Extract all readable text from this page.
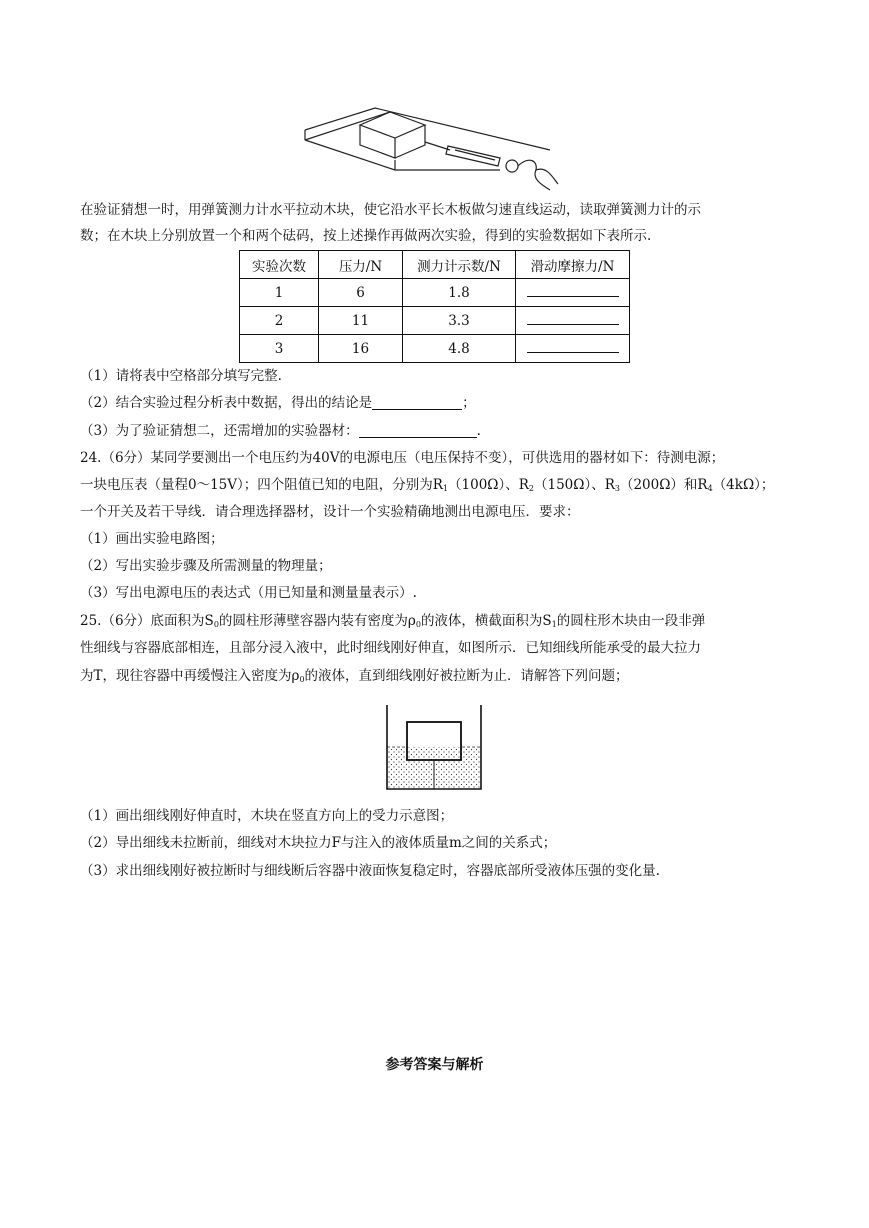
在验证猜想一时，用弹簧测力计水平拉动木块，使它沿水平长木板做匀速直线运动，读取弹簧测力计的示
数；在木块上分别放置一个和两个砝码，按上述操作再做两次实验，得到的实验数据如下表所示.
实验次数	压力/N	测力计示数/N	滑动摩擦力/N
1	6	1.8	
2	11	3.3	
3	16	4.8	
（1）请将表中空格部分填写完整.
（2）结合实验过程分析表中数据，得出的结论是	；
（3）为了验证猜想二，还需增加的实验器材：	.
24.（6分）某同学要测出一个电压约为40V的电源电压（电压保持不变），可供选用的器材如下：待测电源；
一块电压表（量程0～15V）；四个阻值已知的电阻，分别为$R_1(100\Omega)$、$R_2(150\Omega)$、$R_3(200\Omega)$和$R_4(4k\Omega)$；
一个开关及若干导线．请合理选择器材，设计一个实验精确地测出电源电压．要求：
（1）画出实验电路图；
（2）写出实验步骤及所需测量的物理量；
（3）写出电源电压的表达式（用已知量和测量量表示）.
25.（6分）底面积为$S_0$的圆柱形薄壁容器内装有密度为$\rho_0$的液体，横截面积为$S_1$的圆柱形木块由一段非弹
性细线与容器底部相连，且部分浸入液中，此时细线刚好伸直，如图所示．已知细线所能承受的最大拉力
为T，现往容器中再缓慢注入密度为$\rho_0$的液体，直到细线刚好被拉断为止．请解答下列问题；
（1）画出细线刚好伸直时，木块在竖直方向上的受力示意图；
（2）导出细线未拉断前，细线对木块拉力F与注入的液体质量m之间的关系式；
（3）求出细线刚好被拉断时与细线断后容器中液面恢复稳定时，容器底部所受液体压强的变化量.
参考答案与解析
